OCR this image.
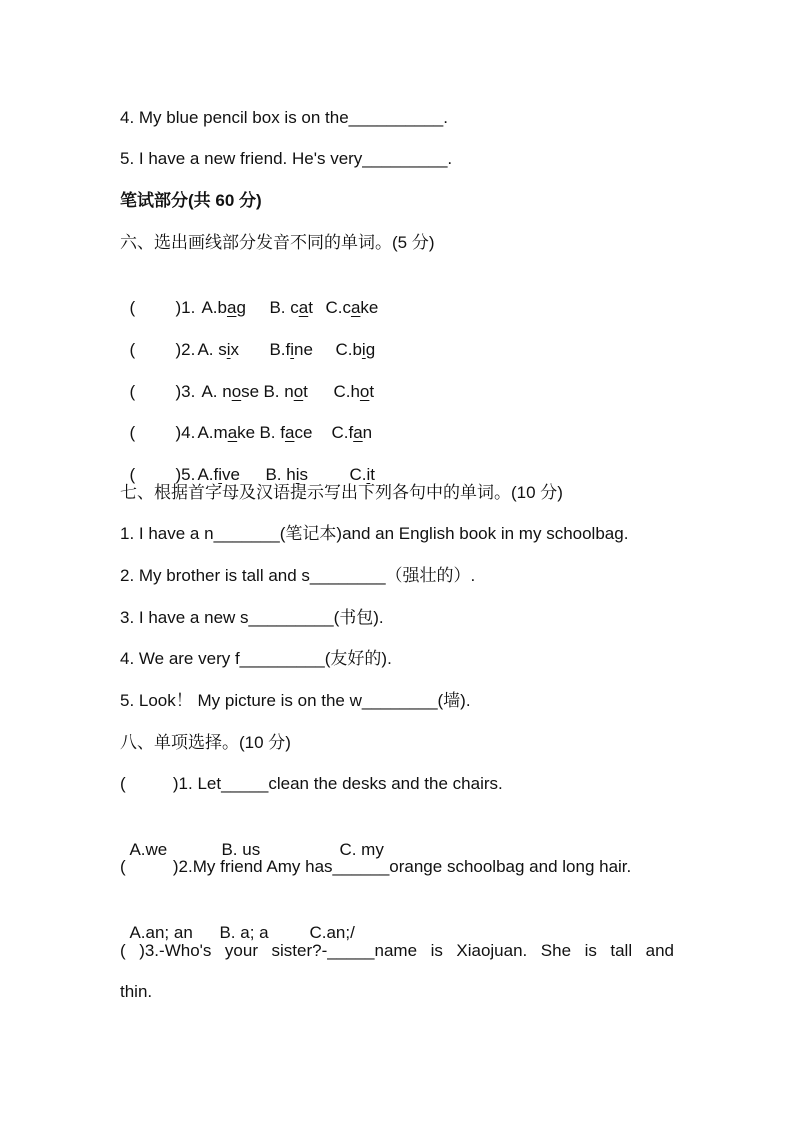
4. My blue pencil box is on the__________.
5. I have a new friend. He's very_________.
笔试部分(共 60 分)
六、选出画线部分发音不同的单词。(5 分)

( )1. A.bag B. cat C.cake

( )2. A. six B.fine C.big

( )3. A. nose B. not C.hot

( )4. A.make B. face C.fan

( )5. A.five B. his C.it

七、根据首字母及汉语提示写出下列各句中的单词。(10 分)
1. I have a n_______(笔记本)and an English book in my schoolbag.
2. My brother is tall and s________（强壮的）.
3. I have a new s_________(书包).
4. We are very f_________(友好的).
5. Look！ My picture is on the w________(墙).
八、单项选择。(10 分)
(          )1. Let_____clean the desks and the chairs.

A.we	B. us	C. my

(          )2.My friend Amy has______orange schoolbag and long hair.

A.an; an B. a; a C.an;/

( )3.-Who's your sister?-_____name is Xiaojuan. She is tall and
thin.
